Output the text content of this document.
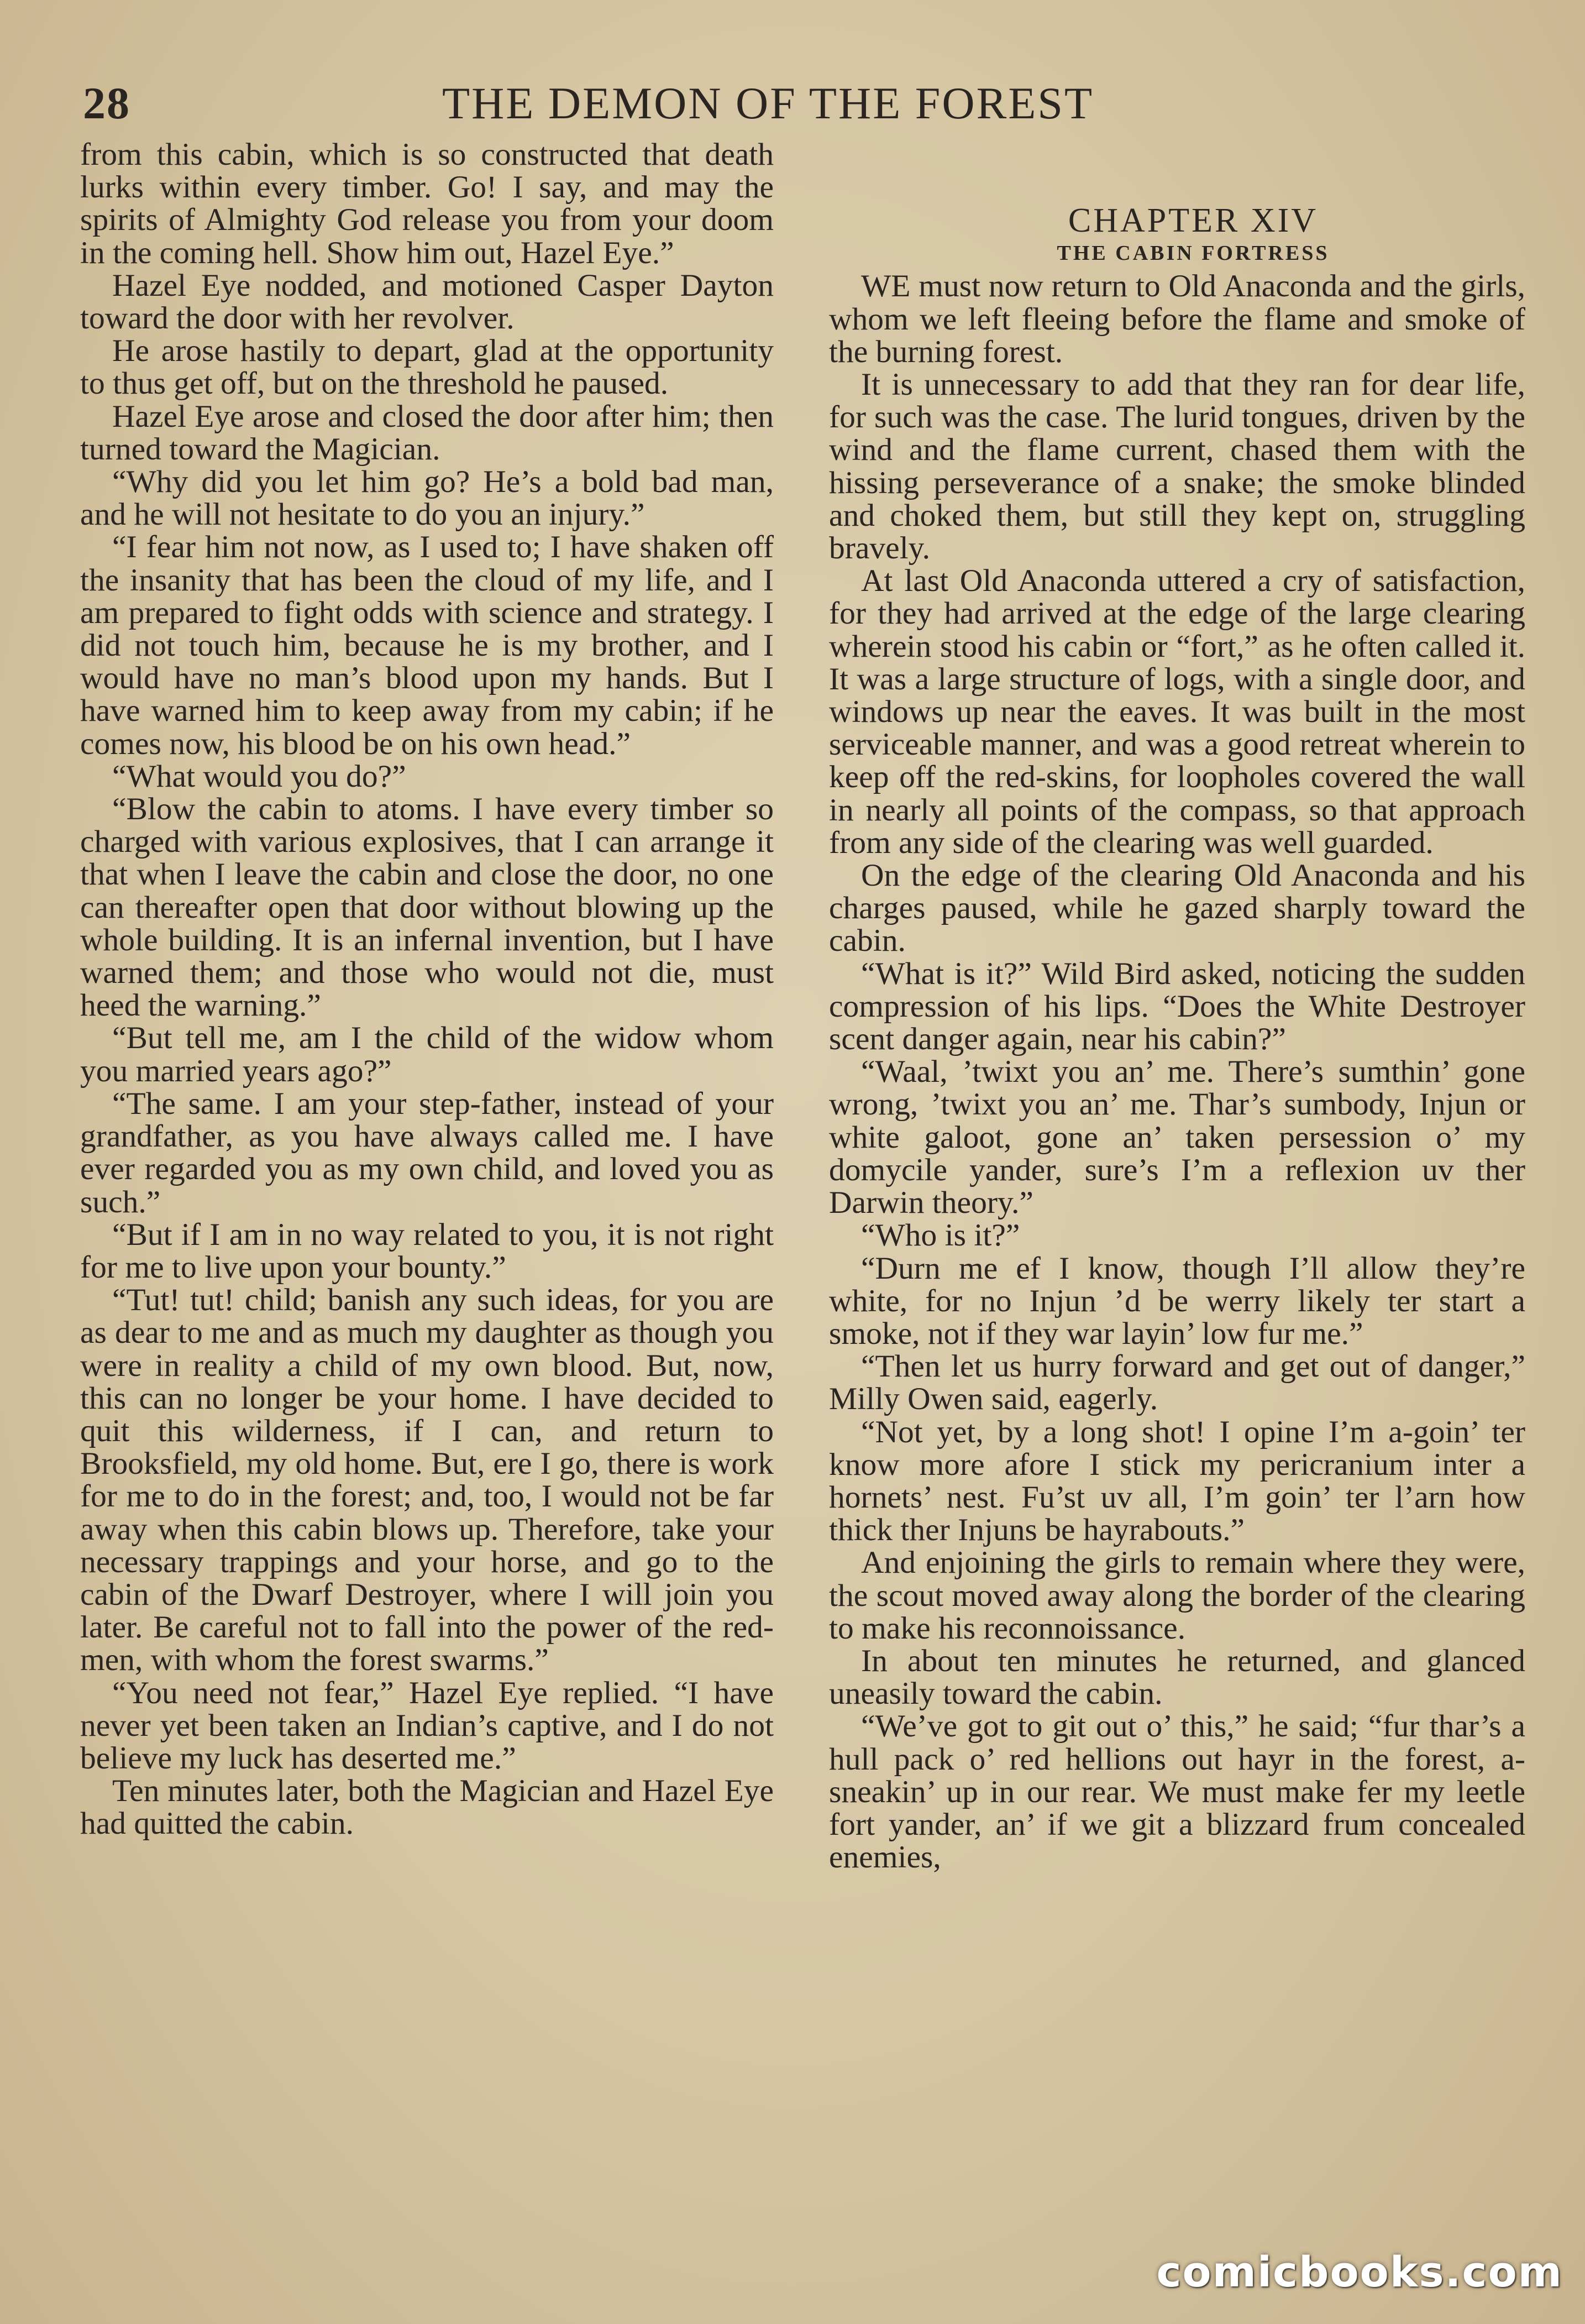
28	THE DEMON OF THE FOREST

from this cabin, which is so constructed that death lurks within every timber. Go! I say, and may the spirits of Almighty God release you from your doom in the coming hell. Show him out, Hazel Eye.”

Hazel Eye nodded, and motioned Casper Dayton toward the door with her revolver.

He arose hastily to depart, glad at the opportunity to thus get off, but on the threshold he paused.

Hazel Eye arose and closed the door after him; then turned toward the Magician.

“Why did you let him go? He’s a bold bad man, and he will not hesitate to do you an injury.”

“I fear him not now, as I used to; I have shaken off the insanity that has been the cloud of my life, and I am prepared to fight odds with science and strategy. I did not touch him, because he is my brother, and I would have no man’s blood upon my hands. But I have warned him to keep away from my cabin; if he comes now, his blood be on his own head.”

“What would you do?”

“Blow the cabin to atoms. I have every timber so charged with various explosives, that I can arrange it that when I leave the cabin and close the door, no one can thereafter open that door without blowing up the whole building. It is an infernal invention, but I have warned them; and those who would not die, must heed the warning.”

“But tell me, am I the child of the widow whom you married years ago?”

“The same. I am your step-father, instead of your grandfather, as you have always called me. I have ever regarded you as my own child, and loved you as such.”

“But if I am in no way related to you, it is not right for me to live upon your bounty.”

“Tut! tut! child; banish any such ideas, for you are as dear to me and as much my daughter as though you were in reality a child of my own blood. But, now, this can no longer be your home. I have decided to quit this wilderness, if I can, and return to Brooksfield, my old home. But, ere I go, there is work for me to do in the forest; and, too, I would not be far away when this cabin blows up. Therefore, take your necessary trappings and your horse, and go to the cabin of the Dwarf Destroyer, where I will join you later. Be careful not to fall into the power of the red-men, with whom the forest swarms.”

“You need not fear,” Hazel Eye replied. “I have never yet been taken an Indian’s captive, and I do not believe my luck has deserted me.”

Ten minutes later, both the Magician and Hazel Eye had quitted the cabin.

CHAPTER XIV

THE CABIN FORTRESS

WE must now return to Old Anaconda and the girls, whom we left fleeing before the flame and smoke of the burning forest.

It is unnecessary to add that they ran for dear life, for such was the case. The lurid tongues, driven by the wind and the flame current, chased them with the hissing perseverance of a snake; the smoke blinded and choked them, but still they kept on, struggling bravely.

At last Old Anaconda uttered a cry of satisfaction, for they had arrived at the edge of the large clearing wherein stood his cabin or “fort,” as he often called it. It was a large structure of logs, with a single door, and windows up near the eaves. It was built in the most serviceable manner, and was a good retreat wherein to keep off the red-skins, for loopholes covered the wall in nearly all points of the compass, so that approach from any side of the clearing was well guarded.

On the edge of the clearing Old Anaconda and his charges paused, while he gazed sharply toward the cabin.

“What is it?” Wild Bird asked, noticing the sudden compression of his lips. “Does the White Destroyer scent danger again, near his cabin?”

“Waal, ’twixt you an’ me. There’s sumthin’ gone wrong, ’twixt you an’ me. Thar’s sumbody, Injun or white galoot, gone an’ taken persession o’ my domycile yander, sure’s I’m a reflexion uv ther Darwin theory.”

“Who is it?”

“Durn me ef I know, though I’ll allow they’re white, for no Injun ’d be werry likely ter start a smoke, not if they war layin’ low fur me.”

“Then let us hurry forward and get out of danger,” Milly Owen said, eagerly.

“Not yet, by a long shot! I opine I’m a-goin’ ter know more afore I stick my pericranium inter a hornets’ nest. Fu’st uv all, I’m goin’ ter l’arn how thick ther Injuns be hayrabouts.”

And enjoining the girls to remain where they were, the scout moved away along the border of the clearing to make his reconnoissance.

In about ten minutes he returned, and glanced uneasily toward the cabin.

“We’ve got to git out o’ this,” he said; “fur thar’s a hull pack o’ red hellions out hayr in the forest, a-sneakin’ up in our rear. We must make fer my leetle fort yander, an’ if we git a blizzard frum concealed enemies,

comicbooks.com
